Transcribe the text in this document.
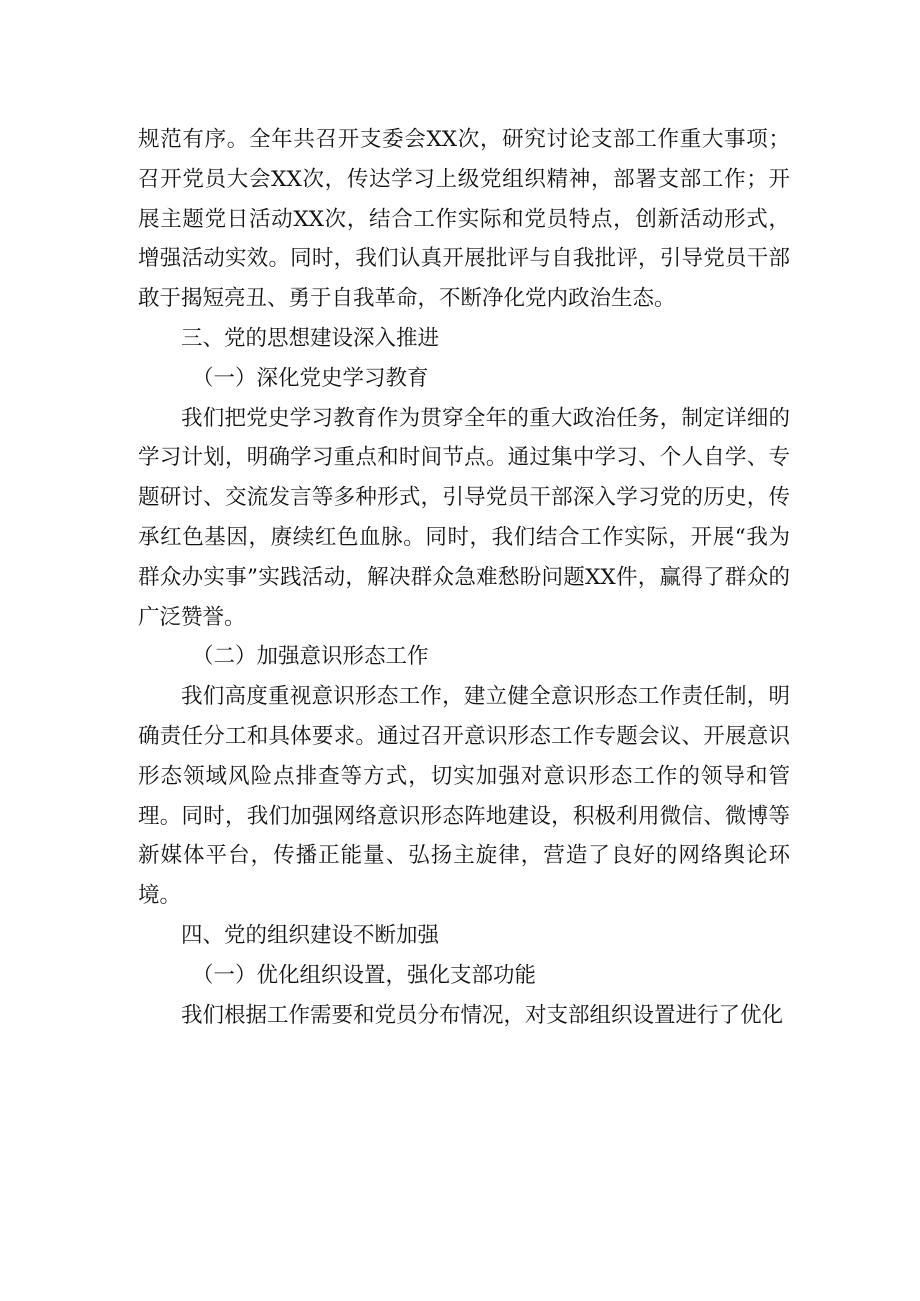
规范有序。全年共召开支委会XX次，研究讨论支部工作重大事项；召开党员大会XX次，传达学习上级党组织精神，部署支部工作；开展主题党日活动XX次，结合工作实际和党员特点，创新活动形式，增强活动实效。同时，我们认真开展批评与自我批评，引导党员干部敢于揭短亮丑、勇于自我革命，不断净化党内政治生态。

三、党的思想建设深入推进

（一）深化党史学习教育

我们把党史学习教育作为贯穿全年的重大政治任务，制定详细的学习计划，明确学习重点和时间节点。通过集中学习、个人自学、专题研讨、交流发言等多种形式，引导党员干部深入学习党的历史，传承红色基因，赓续红色血脉。同时，我们结合工作实际，开展“我为群众办实事”实践活动，解决群众急难愁盼问题XX件，赢得了群众的广泛赞誉。

（二）加强意识形态工作

我们高度重视意识形态工作，建立健全意识形态工作责任制，明确责任分工和具体要求。通过召开意识形态工作专题会议、开展意识形态领域风险点排查等方式，切实加强对意识形态工作的领导和管理。同时，我们加强网络意识形态阵地建设，积极利用微信、微博等新媒体平台，传播正能量、弘扬主旋律，营造了良好的网络舆论环境。

四、党的组织建设不断加强

（一）优化组织设置，强化支部功能

我们根据工作需要和党员分布情况，对支部组织设置进行了优化
